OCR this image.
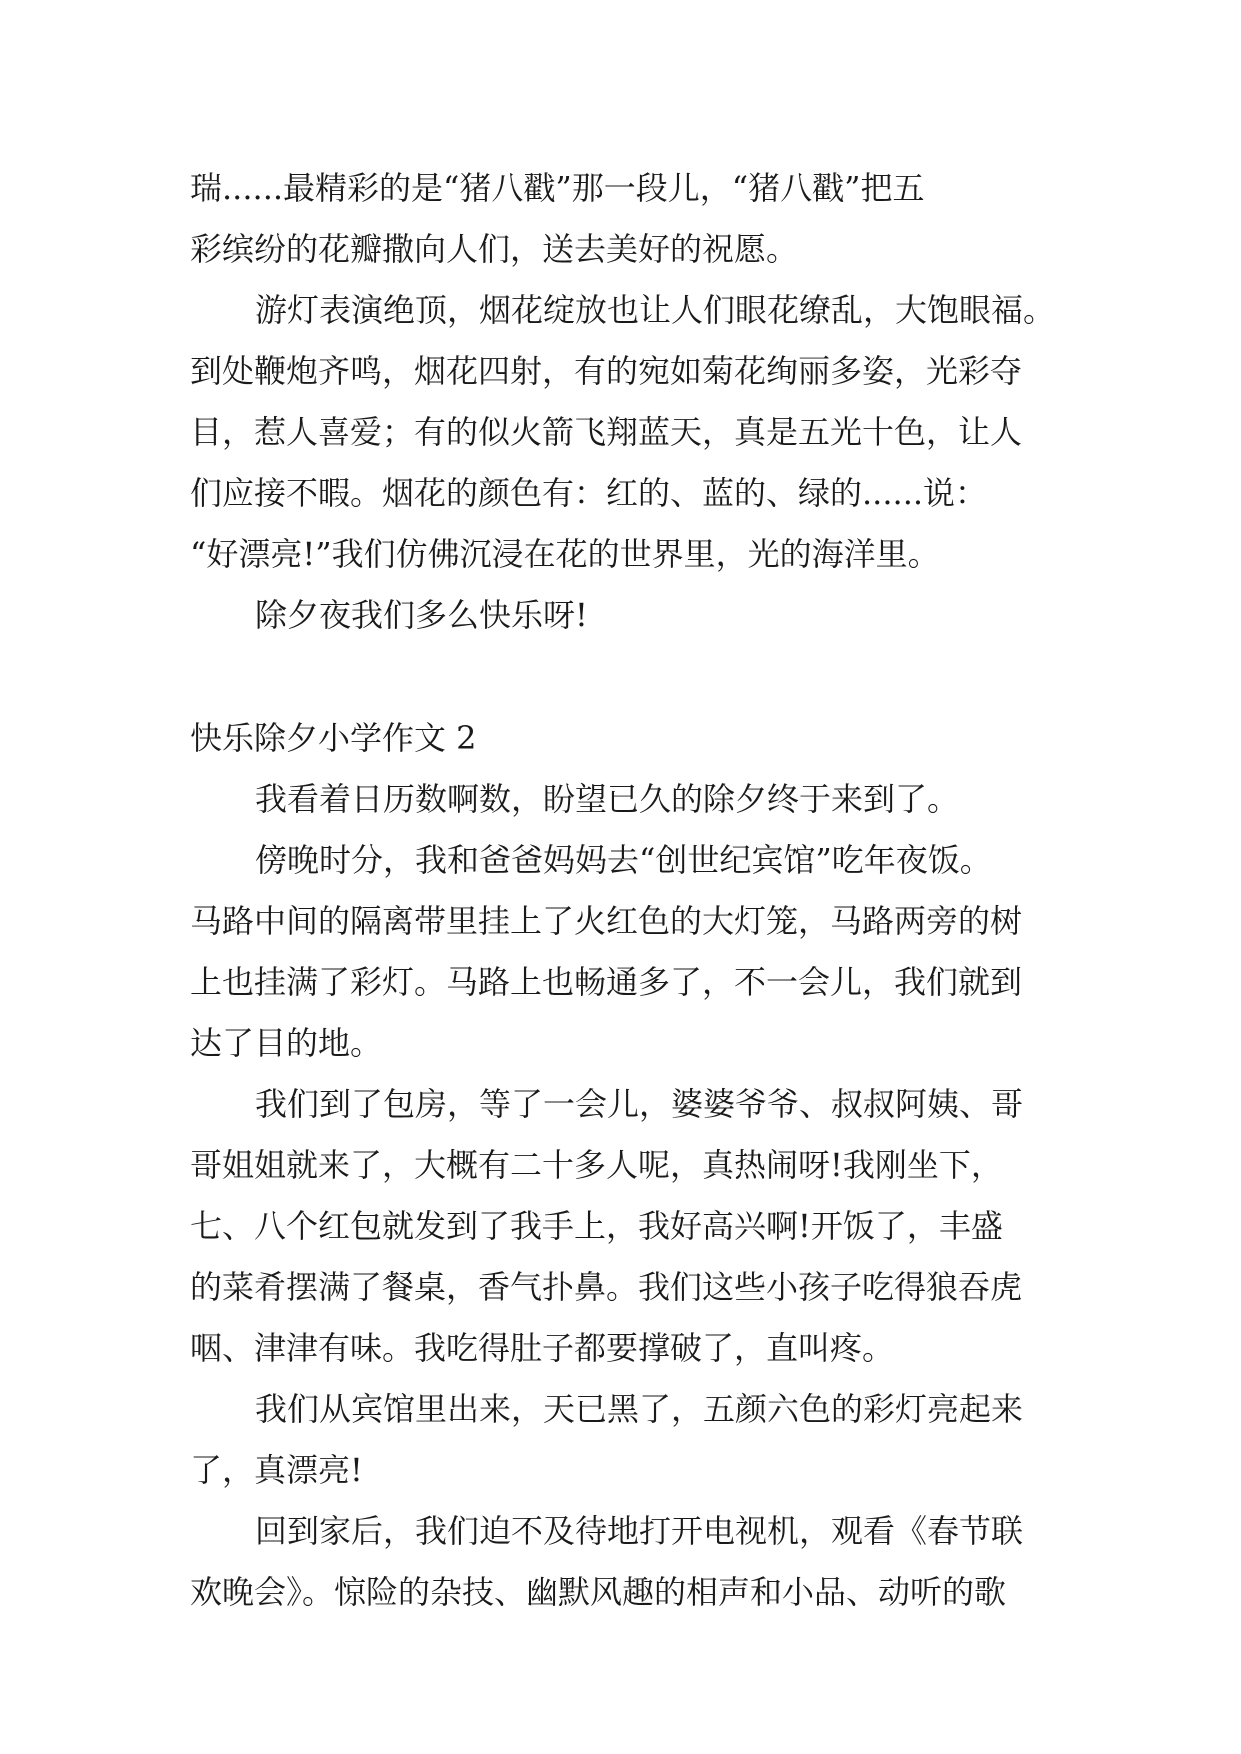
瑞......最精彩的是“猪八戳”那一段儿，“猪八戳”把五
彩缤纷的花瓣撒向人们，送去美好的祝愿。
游灯表演绝顶，烟花绽放也让人们眼花缭乱，大饱眼福。
到处鞭炮齐鸣，烟花四射，有的宛如菊花绚丽多姿，光彩夺
目，惹人喜爱；有的似火箭飞翔蓝天，真是五光十色，让人
们应接不暇。烟花的颜色有：红的、蓝的、绿的......说：
“好漂亮!”我们仿佛沉浸在花的世界里，光的海洋里。
除夕夜我们多么快乐呀!
快乐除夕小学作文 2
我看着日历数啊数，盼望已久的除夕终于来到了。
傍晚时分，我和爸爸妈妈去“创世纪宾馆”吃年夜饭。
马路中间的隔离带里挂上了火红色的大灯笼，马路两旁的树
上也挂满了彩灯。马路上也畅通多了，不一会儿，我们就到
达了目的地。
我们到了包房，等了一会儿，婆婆爷爷、叔叔阿姨、哥
哥姐姐就来了，大概有二十多人呢，真热闹呀!我刚坐下，
七、八个红包就发到了我手上，我好高兴啊!开饭了，丰盛
的菜肴摆满了餐桌，香气扑鼻。我们这些小孩子吃得狼吞虎
咽、津津有味。我吃得肚子都要撑破了，直叫疼。
我们从宾馆里出来，天已黑了，五颜六色的彩灯亮起来
了，真漂亮!
回到家后，我们迫不及待地打开电视机，观看《春节联
欢晚会》。惊险的杂技、幽默风趣的相声和小品、动听的歌
